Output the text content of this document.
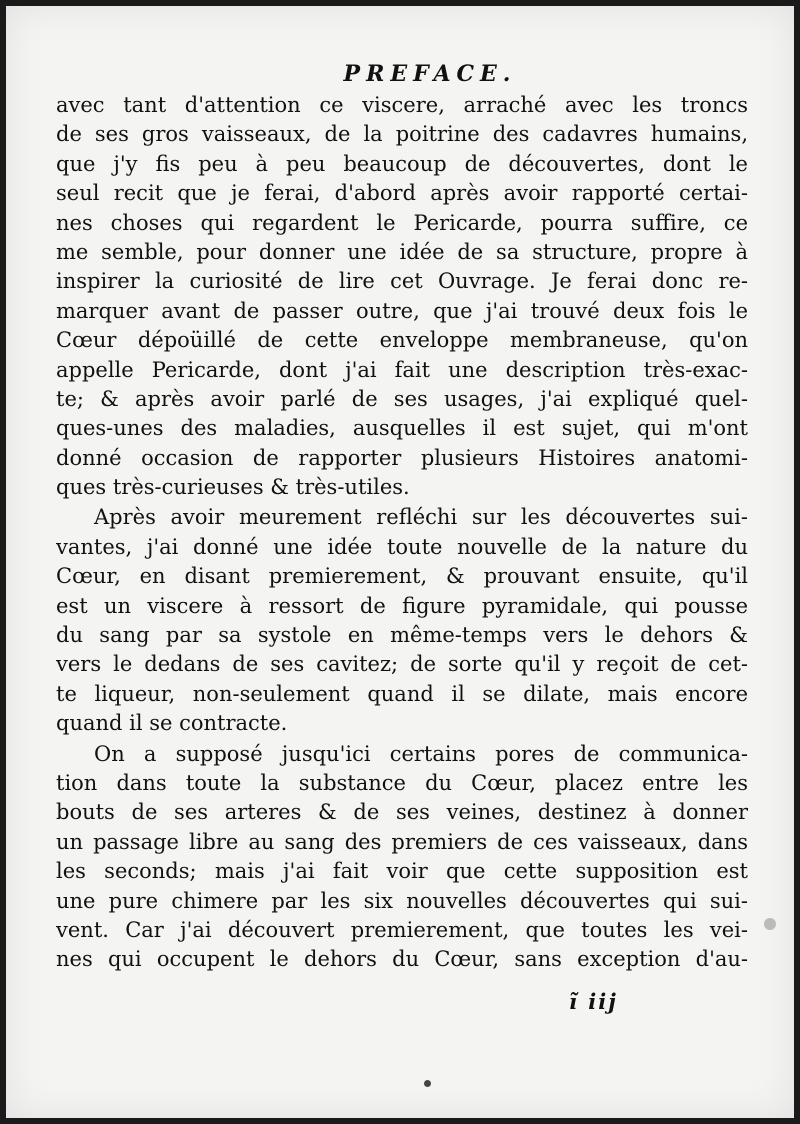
PREFACE.
avec tant d'attention ce viscere, arraché avec les troncs
de ses gros vaisseaux, de la poitrine des cadavres humains,
que j'y fis peu à peu beaucoup de découvertes, dont le
seul recit que je ferai, d'abord après avoir rapporté certai-
nes choses qui regardent le Pericarde, pourra suffire, ce
me semble, pour donner une idée de sa structure, propre à
inspirer la curiosité de lire cet Ouvrage. Je ferai donc re-
marquer avant de passer outre, que j'ai trouvé deux fois le
Cœur dépoüillé de cette enveloppe membraneuse, qu'on
appelle Pericarde, dont j'ai fait une description très-exac-
te; & après avoir parlé de ses usages, j'ai expliqué quel-
ques-unes des maladies, ausquelles il est sujet, qui m'ont
donné occasion de rapporter plusieurs Histoires anatomi-
ques très-curieuses & très-utiles.
Après avoir meurement refléchi sur les découvertes sui-
vantes, j'ai donné une idée toute nouvelle de la nature du
Cœur, en disant premierement, & prouvant ensuite, qu'il
est un viscere à ressort de figure pyramidale, qui pousse
du sang par sa systole en même-temps vers le dehors &
vers le dedans de ses cavitez; de sorte qu'il y reçoit de cet-
te liqueur, non-seulement quand il se dilate, mais encore
quand il se contracte.
On a supposé jusqu'ici certains pores de communica-
tion dans toute la substance du Cœur, placez entre les
bouts de ses arteres & de ses veines, destinez à donner
un passage libre au sang des premiers de ces vaisseaux, dans
les seconds; mais j'ai fait voir que cette supposition est
une pure chimere par les six nouvelles découvertes qui sui-
vent. Car j'ai découvert premierement, que toutes les vei-
nes qui occupent le dehors du Cœur, sans exception d'au-
ĩ iij
